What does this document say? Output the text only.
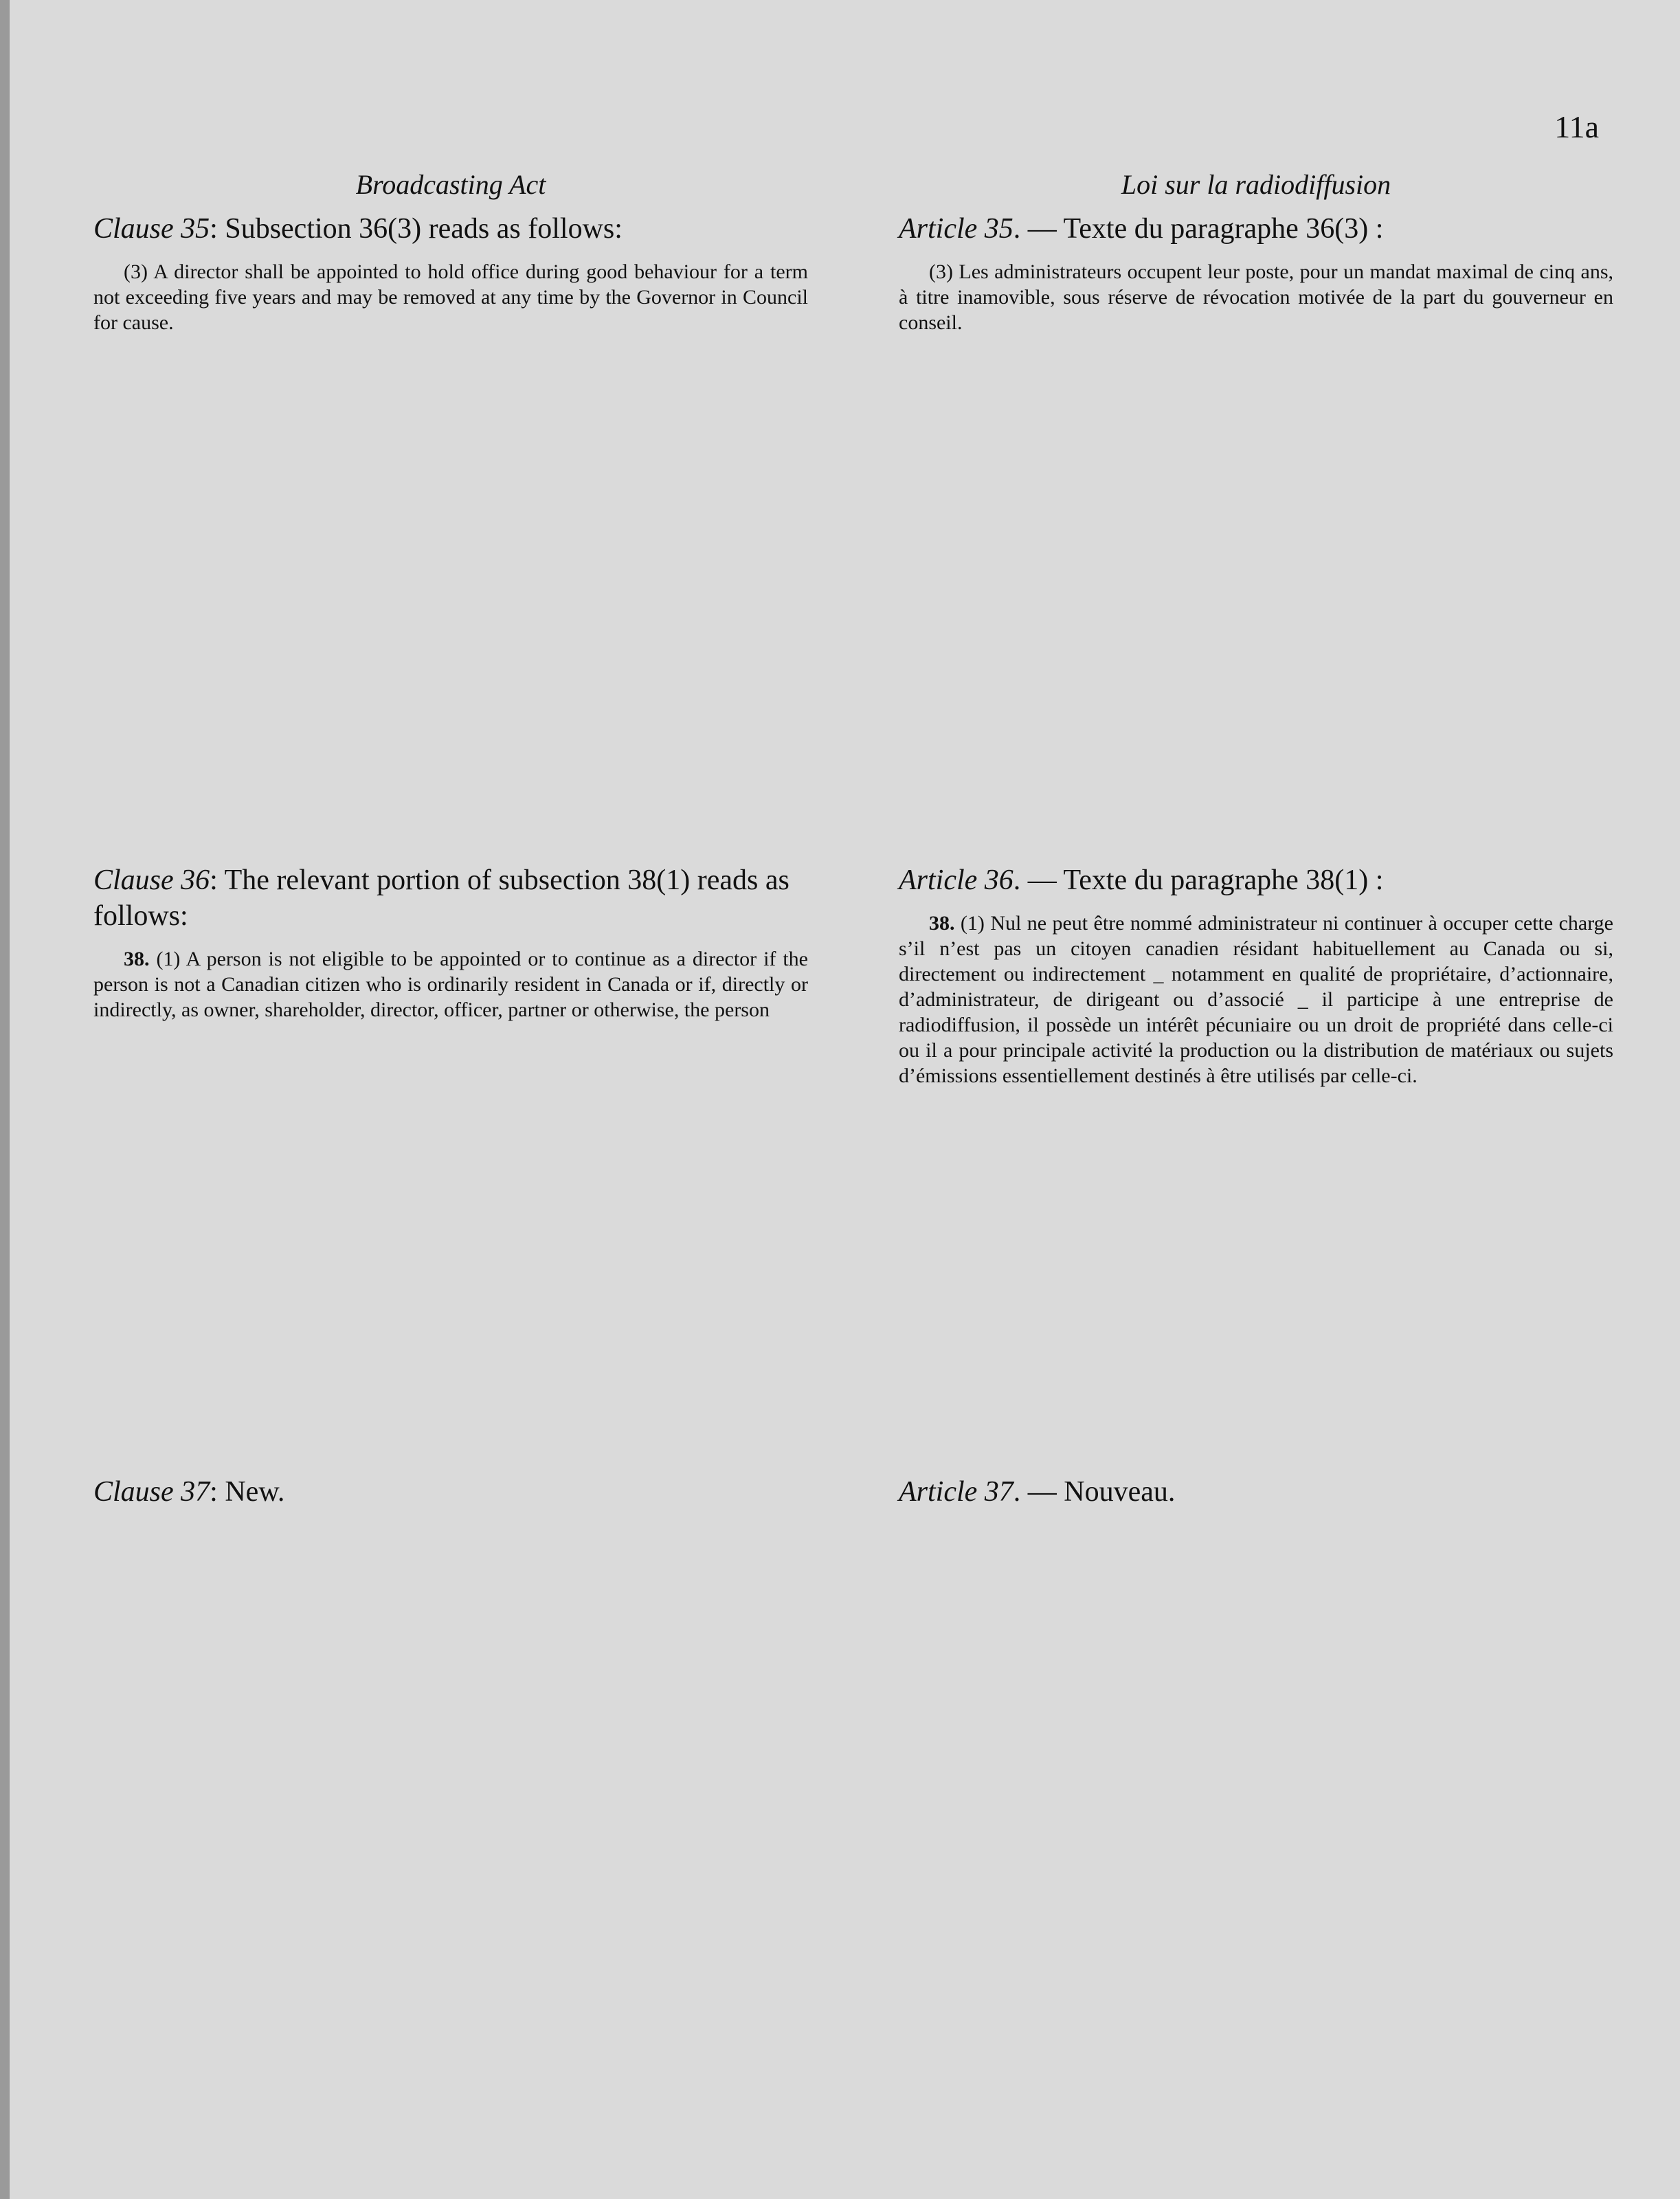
11a
Broadcasting Act

Clause 35: Subsection 36(3) reads as follows:

(3) A director shall be appointed to hold office during good behaviour for a term not exceeding five years and may be removed at any time by the Governor in Council for cause.

Clause 36: The relevant portion of subsection 38(1) reads as follows:

38. (1) A person is not eligible to be appointed or to continue as a director if the person is not a Canadian citizen who is ordinarily resident in Canada or if, directly or indirectly, as owner, shareholder, director, officer, partner or otherwise, the person

Clause 37: New.

Loi sur la radiodiffusion

Article 35. — Texte du paragraphe 36(3) :

(3) Les administrateurs occupent leur poste, pour un mandat maximal de cinq ans, à titre inamovible, sous réserve de révocation motivée de la part du gouverneur en conseil.

Article 36. — Texte du paragraphe 38(1) :

38. (1) Nul ne peut être nommé administrateur ni continuer à occuper cette charge s’il n’est pas un citoyen canadien résidant habituellement au Canada ou si, directement ou indirectement _ notamment en qualité de propriétaire, d’actionnaire, d’administrateur, de dirigeant ou d’associé _ il participe à une entreprise de radiodiffusion, il possède un intérêt pécuniaire ou un droit de propriété dans celle-ci ou il a pour principale activité la production ou la distribution de matériaux ou sujets d’émissions essentiellement destinés à être utilisés par celle-ci.

Article 37. — Nouveau.
